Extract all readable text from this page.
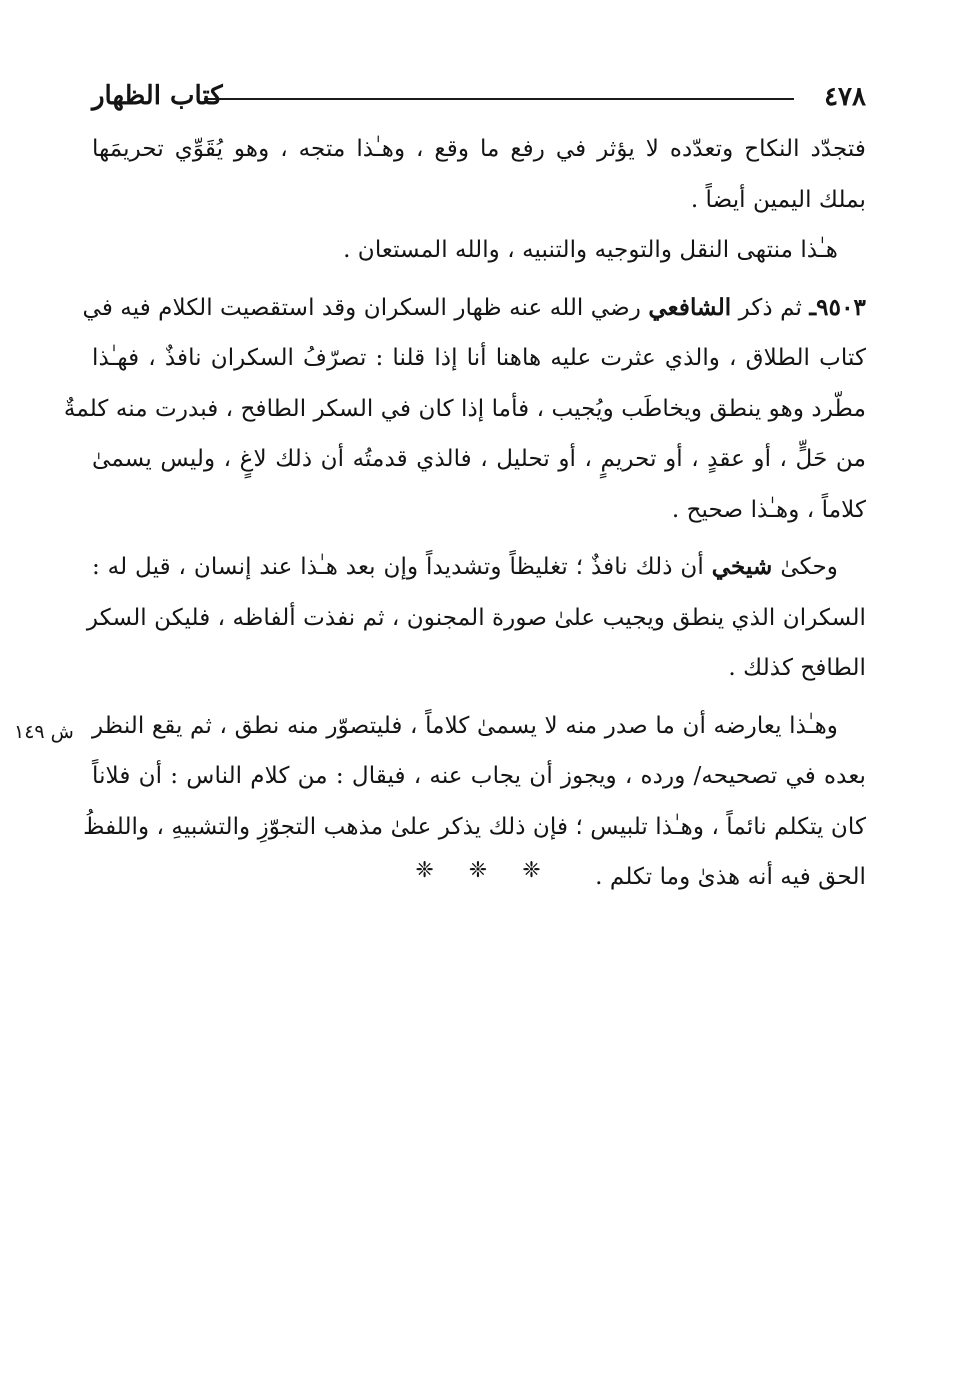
٤٧٨
كتاب الظهار
فتجدّد النكاح وتعدّده لا يؤثر في رفع ما وقع ، وهـٰذا متجه ، وهو يُقَوِّي تحريمَها
بملك اليمين أيضاً .
هـٰذا منتهى النقل والتوجيه والتنبيه ، والله المستعان .
٩٥٠٣ـ ثم ذكر الشافعي رضي الله عنه ظهار السكران وقد استقصيت الكلام فيه في
كتاب الطلاق ، والذي عثرت عليه هاهنا أنا إذا قلنا : تصرّفُ السكران نافذٌ ، فهـٰذا
مطّرد وهو ينطق ويخاطَب ويُجيب ، فأما إذا كان في السكر الطافح ، فبدرت منه كلمةٌ
من حَلٍّ ، أو عقدٍ ، أو تحريمٍ ، أو تحليل ، فالذي قدمتُه أن ذلك لاغٍ ، وليس يسمىٰ
كلاماً ، وهـٰذا صحيح .
وحكىٰ شيخي أن ذلك نافذٌ ؛ تغليظاً وتشديداً وإن بعد هـٰذا عند إنسان ، قيل له :
السكران الذي ينطق ويجيب علىٰ صورة المجنون ، ثم نفذت ألفاظه ، فليكن السكر
الطافح كذلك .
وهـٰذا يعارضه أن ما صدر منه لا يسمىٰ كلاماً ، فليتصوّر منه نطق ، ثم يقع النظر
بعده في تصحيحه/ ورده ، ويجوز أن يجاب عنه ، فيقال : من كلام الناس : أن فلاناً
كان يتكلم نائماً ، وهـٰذا تلبيس ؛ فإن ذلك يذكر علىٰ مذهب التجوّزِ والتشبيهِ ، واللفظُ
الحق فيه أنه هذىٰ وما تكلم .
ش ١٤٩
❈ ❈ ❈
